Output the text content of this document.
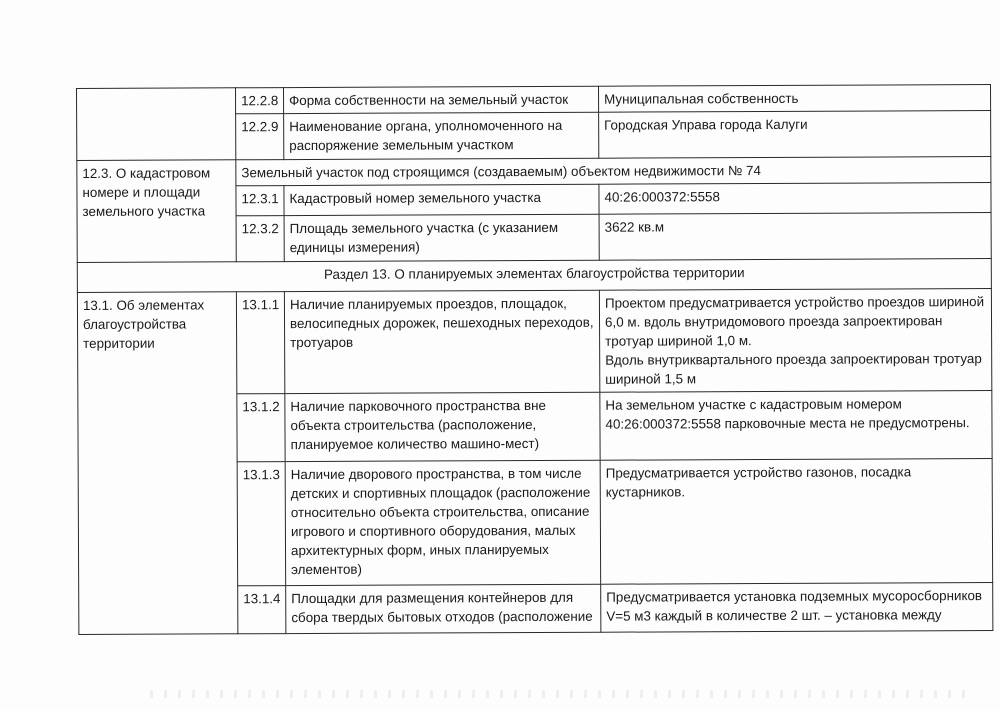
	12.2.8	Форма собственности на земельный участок	Муниципальная собственность
	12.2.9	Наименование органа, уполномоченного на распоряжение земельным участком	Городская Управа города Калуги
12.3. О кадастровом номере и площади земельного участка	Земельный участок под строящимся (создаваемым) объектом недвижимости № 74		
	12.3.1	Кадастровый номер земельного участка	40:26:000372:5558
	12.3.2	Площадь земельного участка (с указанием единицы измерения)	3622 кв.м
Раздел 13. О планируемых элементах благоустройства территории			
13.1. Об элементах благоустройства территории	13.1.1	Наличие планируемых проездов, площадок, велосипедных дорожек, пешеходных переходов, тротуаров	Проектом предусматривается устройство проездов шириной 6,0 м. вдоль внутридомового проезда запроектирован тротуар шириной 1,0 м.
Вдоль внутриквартального проезда запроектирован тротуар шириной 1,5 м

	13.1.2	Наличие парковочного пространства вне объекта строительства (расположение, планируемое количество машино-мест)	На земельном участке с кадастровым номером 40:26:000372:5558 парковочные места не предусмотрены.
	13.1.3	Наличие дворового пространства, в том числе детских и спортивных площадок (расположение относительно объекта строительства, описание игрового и спортивного оборудования, малых архитектурных форм, иных планируемых элементов)	Предусматривается устройство газонов, посадка кустарников.
	13.1.4	Площадки для размещения контейнеров для сбора твердых бытовых отходов (расположение	Предусматривается установка подземных мусоросборников V=5 м3 каждый в количестве 2 шт. – установка между
